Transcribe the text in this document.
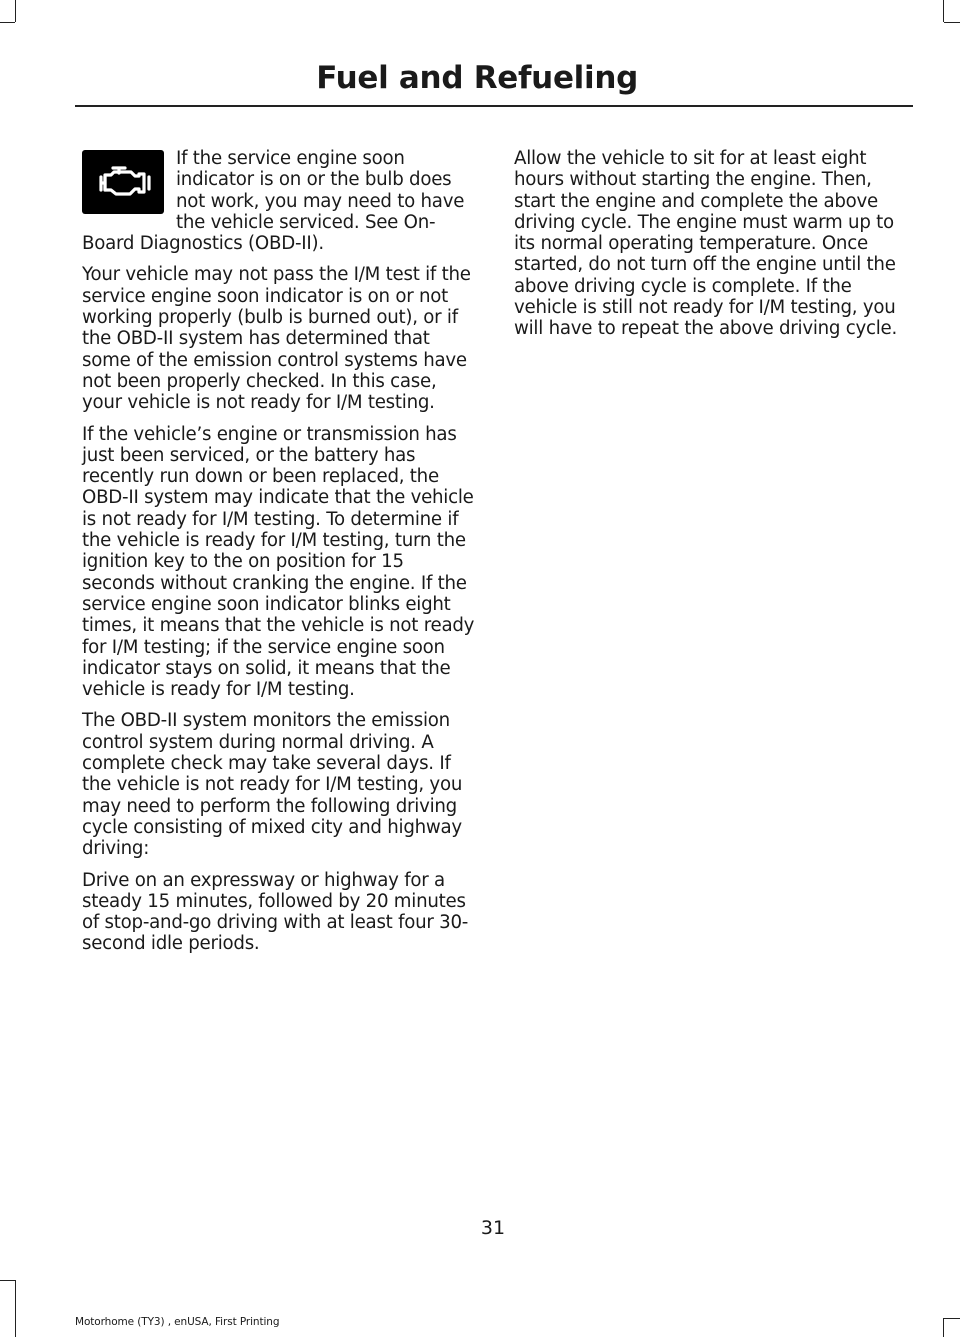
Fuel and Refueling

If the service engine soon indicator is on or the bulb does not work, you may need to have the vehicle serviced. See On-Board Diagnostics (OBD-II).

Your vehicle may not pass the I/M test if the service engine soon indicator is on or not working properly (bulb is burned out), or if the OBD-II system has determined that some of the emission control systems have not been properly checked. In this case, your vehicle is not ready for I/M testing.

If the vehicle’s engine or transmission has just been serviced, or the battery has recently run down or been replaced, the OBD-II system may indicate that the vehicle is not ready for I/M testing. To determine if the vehicle is ready for I/M testing, turn the ignition key to the on position for 15 seconds without cranking the engine. If the service engine soon indicator blinks eight times, it means that the vehicle is not ready for I/M testing; if the service engine soon indicator stays on solid, it means that the vehicle is ready for I/M testing.

The OBD-II system monitors the emission control system during normal driving. A complete check may take several days. If the vehicle is not ready for I/M testing, you may need to perform the following driving cycle consisting of mixed city and highway driving:

Drive on an expressway or highway for a steady 15 minutes, followed by 20 minutes of stop-and-go driving with at least four 30-second idle periods.

Allow the vehicle to sit for at least eight hours without starting the engine. Then, start the engine and complete the above driving cycle. The engine must warm up to its normal operating temperature. Once started, do not turn off the engine until the above driving cycle is complete. If the vehicle is still not ready for I/M testing, you will have to repeat the above driving cycle.

31
Motorhome (TY3) , enUSA, First Printing
